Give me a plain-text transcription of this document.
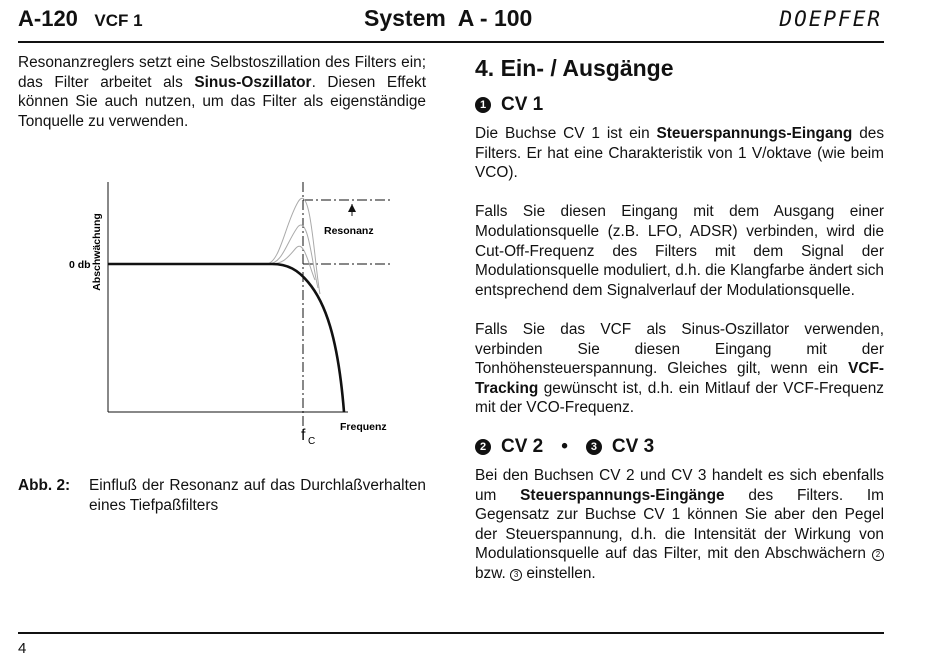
A-120 VCF 1	System  A - 100	DOEPFER

Resonanzreglers setzt eine Selbstoszillation des Filters ein; das Filter arbeitet als Sinus-Oszillator. Diesen Effekt können Sie auch nutzen, um das Filter als eigenständige Tonquelle zu verwenden.

Abschwächung
0 db
Resonanz
f C
Frequenz
Abb. 2: Einfluß der Resonanz auf das Durchlaßverhalten eines Tiefpaßfilters
4. Ein- / Ausgänge
1 CV 1

Die Buchse CV 1 ist ein Steuerspannungs-Eingang des Filters. Er hat eine Charakteristik von 1 V/oktave (wie beim VCO).

Falls Sie diesen Eingang mit dem Ausgang einer Modulationsquelle (z.B. LFO, ADSR) verbinden, wird die Cut-Off-Frequenz des Filters mit dem Signal der Modulationsquelle moduliert, d.h. die Klangfarbe ändert sich entsprechend dem Signalverlauf der Modulationsquelle.

Falls Sie das VCF als Sinus-Oszillator verwenden, verbinden Sie diesen Eingang mit der Tonhöhensteuerspannung. Gleiches gilt, wenn ein VCF-Tracking gewünscht ist, d.h. ein Mitlauf der VCF-Frequenz mit der VCO-Frequenz.

2 CV 2 •	3 CV 3

Bei den Buchsen CV 2 und CV 3 handelt es sich ebenfalls um Steuerspannungs-Eingänge des Filters. Im Gegensatz zur Buchse CV 1 können Sie aber den Pegel der Steuerspannung, d.h. die Intensität der Wirkung von Modulationsquelle auf das Filter, mit den Abschwächern 2 bzw. 3 einstellen.

4
